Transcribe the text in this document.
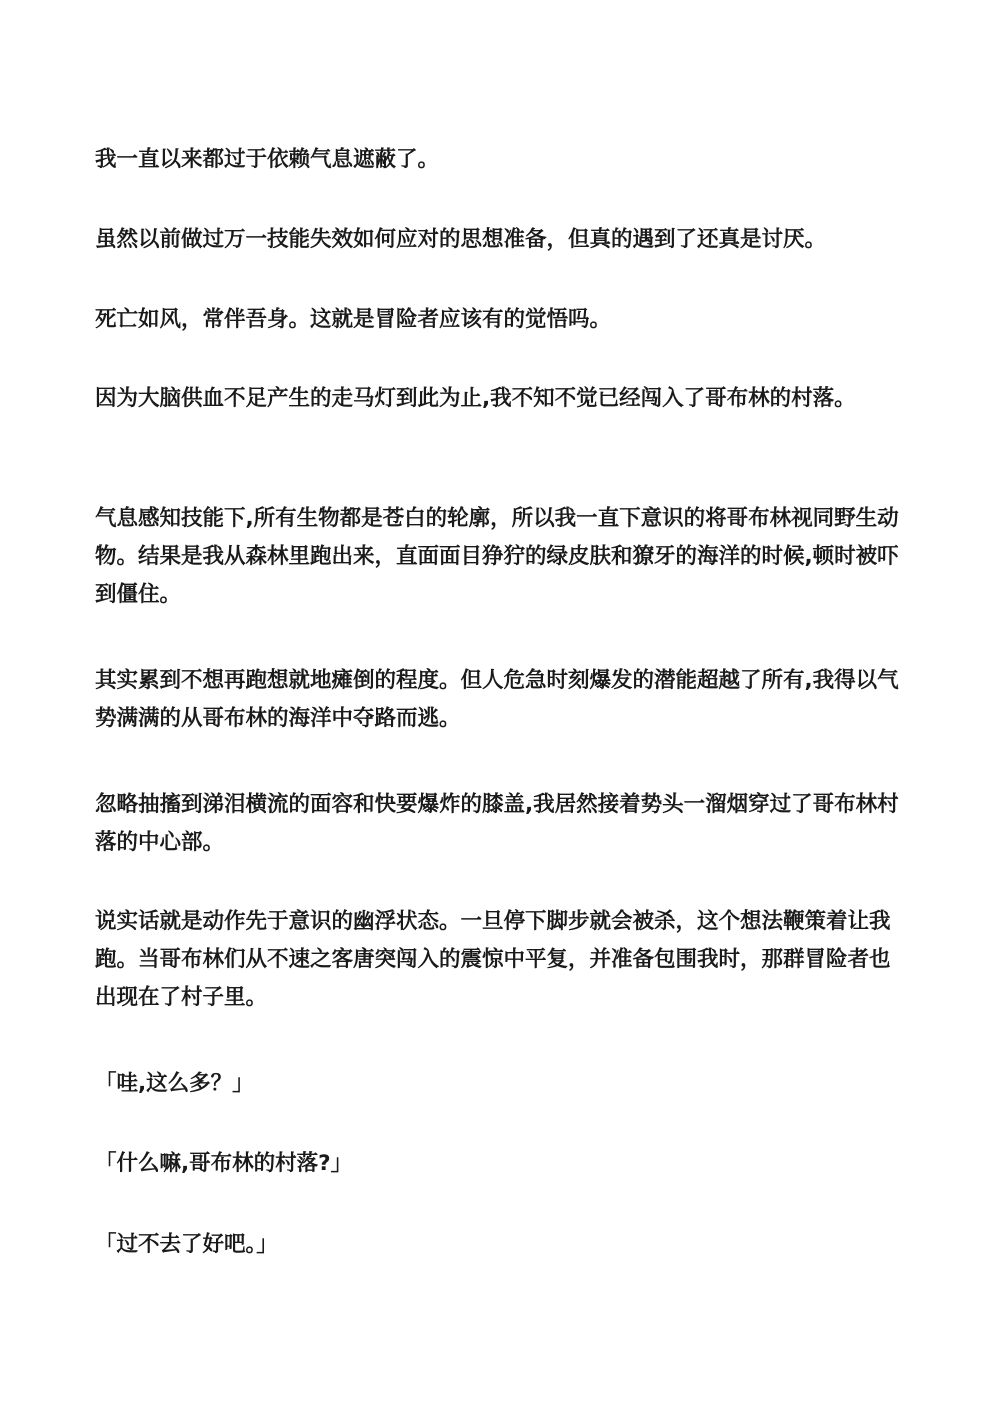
我一直以来都过于依赖气息遮蔽了。

虽然以前做过万一技能失效如何应对的思想准备，但真的遇到了还真是讨厌。

死亡如风，常伴吾身。这就是冒险者应该有的觉悟吗。

因为大脑供血不足产生的走马灯到此为止,我不知不觉已经闯入了哥布林的村落。

气息感知技能下,所有生物都是苍白的轮廓，所以我一直下意识的将哥布林视同野生动物。结果是我从森林里跑出来，直面面目狰狞的绿皮肤和獠牙的海洋的时候,顿时被吓到僵住。

其实累到不想再跑想就地瘫倒的程度。但人危急时刻爆发的潜能超越了所有,我得以气势满满的从哥布林的海洋中夺路而逃。

忽略抽搐到涕泪横流的面容和快要爆炸的膝盖,我居然接着势头一溜烟穿过了哥布林村落的中心部。

说实话就是动作先于意识的幽浮状态。一旦停下脚步就会被杀，这个想法鞭策着让我跑。当哥布林们从不速之客唐突闯入的震惊中平复，并准备包围我时，那群冒险者也出现在了村子里。

「哇,这么多？」

「什么嘛,哥布林的村落?」

「过不去了好吧。」
